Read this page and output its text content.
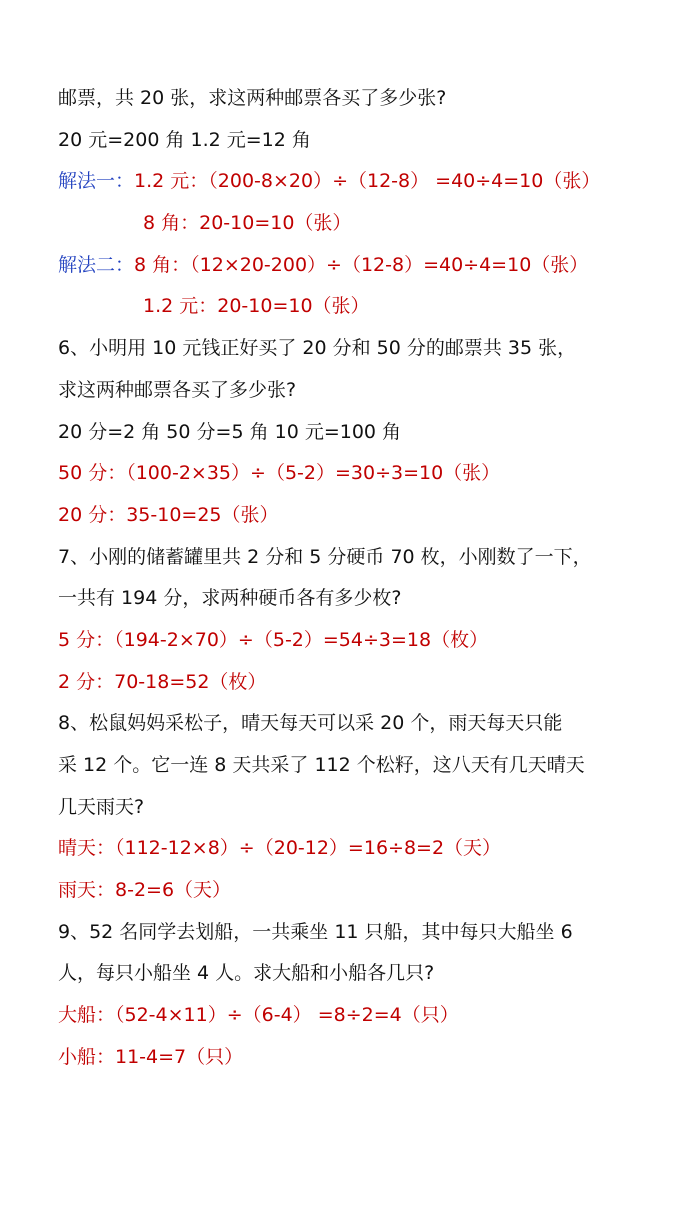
邮票，共 20 张，求这两种邮票各买了多少张?
20 元=200 角 1.2 元=12 角
解法一：1.2 元：（200-8×20）÷（12-8） =40÷4=10（张）
8 角：20-10=10（张）
解法二：8 角：（12×20-200）÷（12-8）=40÷4=10（张）
1.2 元：20-10=10（张）
6、小明用 10 元钱正好买了 20 分和 50 分的邮票共 35 张，
求这两种邮票各买了多少张?
20 分=2 角 50 分=5 角 10 元=100 角
50 分：（100-2×35）÷（5-2）=30÷3=10（张）
20 分：35-10=25（张）
7、小刚的储蓄罐里共 2 分和 5 分硬币 70 枚，小刚数了一下，
一共有 194 分，求两种硬币各有多少枚?
5 分：（194-2×70）÷（5-2）=54÷3=18（枚）
2 分：70-18=52（枚）
8、松鼠妈妈采松子，晴天每天可以采 20 个，雨天每天只能
采 12 个。它一连 8 天共采了 112 个松籽，这八天有几天晴天
几天雨天?
晴天：（112-12×8）÷（20-12）=16÷8=2（天）
雨天：8-2=6（天）
9、52 名同学去划船，一共乘坐 11 只船，其中每只大船坐 6
人，每只小船坐 4 人。求大船和小船各几只?
大船：（52-4×11）÷（6-4） =8÷2=4（只）
小船：11-4=7（只）
